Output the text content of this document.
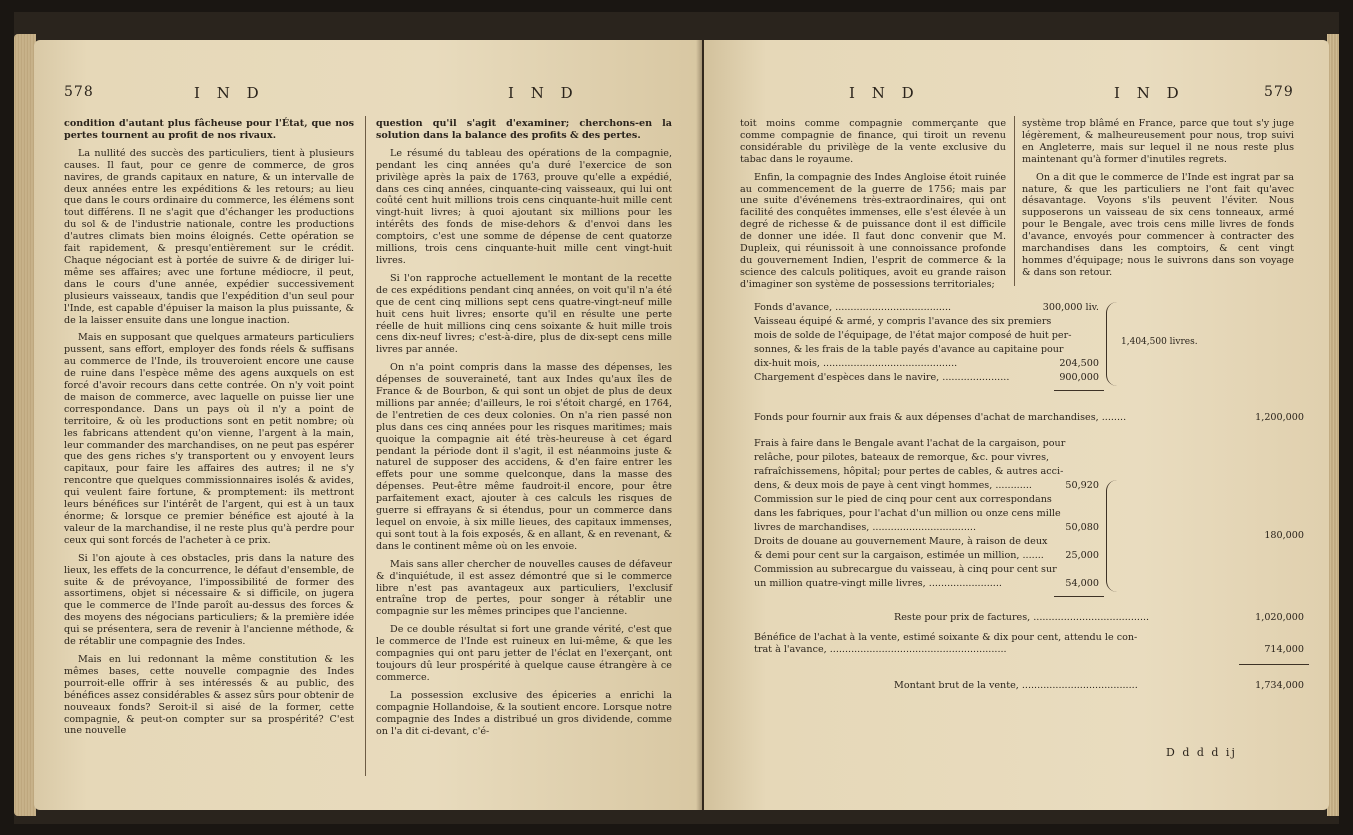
578	I N D	I N D

condition d'autant plus fâcheuse pour l'État, que nos pertes tournent au profit de nos rivaux.

La nullité des succès des particuliers, tient à plusieurs causes. Il faut, pour ce genre de commerce, de gros navires, de grands capitaux en nature, & un intervalle de deux années entre les expéditions & les retours; au lieu que dans le cours ordinaire du commerce, les élémens sont tout différens. Il ne s'agit que d'échanger les productions du sol & de l'industrie nationale, contre les productions d'autres climats bien moins éloignés. Cette opération se fait rapidement, & presqu'entièrement sur le crédit. Chaque négociant est à portée de suivre & de diriger lui-même ses affaires; avec une fortune médiocre, il peut, dans le cours d'une année, expédier successivement plusieurs vaisseaux, tandis que l'expédition d'un seul pour l'Inde, est capable d'épuiser la maison la plus puissante, & de la laisser ensuite dans une longue inaction.

Mais en supposant que quelques armateurs particuliers pussent, sans effort, employer des fonds réels & suffisans au commerce de l'Inde, ils trouveroient encore une cause de ruine dans l'espèce même des agens auxquels on est forcé d'avoir recours dans cette contrée. On n'y voit point de maison de commerce, avec laquelle on puisse lier une correspondance. Dans un pays où il n'y a point de territoire, & où les productions sont en petit nombre; où les fabricans attendent qu'on vienne, l'argent à la main, leur commander des marchandises, on ne peut pas espérer que des gens riches s'y transportent ou y envoyent leurs capitaux, pour faire les affaires des autres; il ne s'y rencontre que quelques commissionnaires isolés & avides, qui veulent faire fortune, & promptement: ils mettront leurs bénéfices sur l'intérêt de l'argent, qui est à un taux énorme; & lorsque ce premier bénéfice est ajouté à la valeur de la marchandise, il ne reste plus qu'à perdre pour ceux qui sont forcés de l'acheter à ce prix.

Si l'on ajoute à ces obstacles, pris dans la nature des lieux, les effets de la concurrence, le défaut d'ensemble, de suite & de prévoyance, l'impossibilité de former des assortimens, objet si nécessaire & si difficile, on jugera que le commerce de l'Inde paroît au-dessus des forces & des moyens des négocians particuliers; & la première idée qui se présentera, sera de revenir à l'ancienne méthode, & de rétablir une compagnie des Indes.

Mais en lui redonnant la même constitution & les mêmes bases, cette nouvelle compagnie des Indes pourroit-elle offrir à ses intéressés & au public, des bénéfices assez considérables & assez sûrs pour obtenir de nouveaux fonds? Seroit-il si aisé de la former, cette compagnie, & peut-on compter sur sa prospérité? C'est une nouvelle

question qu'il s'agit d'examiner; cherchons-en la solution dans la balance des profits & des pertes.

Le résumé du tableau des opérations de la compagnie, pendant les cinq années qu'a duré l'exercice de son privilège après la paix de 1763, prouve qu'elle a expédié, dans ces cinq années, cinquante-cinq vaisseaux, qui lui ont coûté cent huit millions trois cens cinquante-huit mille cent vingt-huit livres; à quoi ajoutant six millions pour les intérêts des fonds de mise-dehors & d'envoi dans les comptoirs, c'est une somme de dépense de cent quatorze millions, trois cens cinquante-huit mille cent vingt-huit livres.

Si l'on rapproche actuellement le montant de la recette de ces expéditions pendant cinq années, on voit qu'il n'a été que de cent cinq millions sept cens quatre-vingt-neuf mille huit cens huit livres; ensorte qu'il en résulte une perte réelle de huit millions cinq cens soixante & huit mille trois cens dix-neuf livres; c'est-à-dire, plus de dix-sept cens mille livres par année.

On n'a point compris dans la masse des dépenses, les dépenses de souveraineté, tant aux Indes qu'aux îles de France & de Bourbon, & qui sont un objet de plus de deux millions par année; d'ailleurs, le roi s'étoit chargé, en 1764, de l'entretien de ces deux colonies. On n'a rien passé non plus dans ces cinq années pour les risques maritimes; mais quoique la compagnie ait été très-heureuse à cet égard pendant la période dont il s'agit, il est néanmoins juste & naturel de supposer des accidens, & d'en faire entrer les effets pour une somme quelconque, dans la masse des dépenses. Peut-être même faudroit-il encore, pour être parfaitement exact, ajouter à ces calculs les risques de guerre si effrayans & si étendus, pour un commerce dans lequel on envoie, à six mille lieues, des capitaux immenses, qui sont tout à la fois exposés, & en allant, & en revenant, & dans le continent même où on les envoie.

Mais sans aller chercher de nouvelles causes de défaveur & d'inquiétude, il est assez démontré que si le commerce libre n'est pas avantageux aux particuliers, l'exclusif entraîne trop de pertes, pour songer à rétablir une compagnie sur les mêmes principes que l'ancienne.

De ce double résultat si fort une grande vérité, c'est que le commerce de l'Inde est ruineux en lui-même, & que les compagnies qui ont paru jetter de l'éclat en l'exerçant, ont toujours dû leur prospérité à quelque cause étrangère à ce commerce.

La possession exclusive des épiceries a enrichi la compagnie Hollandoise, & la soutient encore. Lorsque notre compagnie des Indes a distribué un gros dividende, comme on l'a dit ci-devant, c'é-

I N D	I N D	579

toit moins comme compagnie commerçante que comme compagnie de finance, qui tiroit un revenu considérable du privilège de la vente exclusive du tabac dans le royaume.

Enfin, la compagnie des Indes Angloise étoit ruinée au commencement de la guerre de 1756; mais par une suite d'événemens très-extraordinaires, qui ont facilité des conquêtes immenses, elle s'est élevée à un degré de richesse & de puissance dont il est difficile de donner une idée. Il faut donc convenir que M. Dupleix, qui réunissoit à une connoissance profonde du gouvernement Indien, l'esprit de commerce & la science des calculs politiques, avoit eu grande raison d'imaginer son système de possessions territoriales;

système trop blâmé en France, parce que tout s'y juge légèrement, & malheureusement pour nous, trop suivi en Angleterre, mais sur lequel il ne nous reste plus maintenant qu'à former d'inutiles regrets.

On a dit que le commerce de l'Inde est ingrat par sa nature, & que les particuliers ne l'ont fait qu'avec désavantage. Voyons s'ils peuvent l'éviter. Nous supposerons un vaisseau de six cens tonneaux, armé pour le Bengale, avec trois cens mille livres de fonds d'avance, envoyés pour commencer à contracter des marchandises dans les comptoirs, & cent vingt hommes d'équipage; nous le suivrons dans son voyage & dans son retour.

Fonds d'avance, ......................................	300,000 liv.
Vaisseau équipé & armé, y compris l'avance des six premiers
mois de solde de l'équipage, de l'état major composé de huit per-
sonnes, & les frais de la table payés d'avance au capitaine pour
dix-huit mois, ............................................	204,500
Chargement d'espèces dans le navire, ......................	900,000
1,404,500 livres.
Fonds pour fournir aux frais & aux dépenses d'achat de marchandises, ........	1,200,000
Frais à faire dans le Bengale avant l'achat de la cargaison, pour
relâche, pour pilotes, bateaux de remorque, &c. pour vivres,
rafraîchissemens, hôpital; pour pertes de cables, & autres acci-
dens, & deux mois de paye à cent vingt hommes, ............	50,920
Commission sur le pied de cinq pour cent aux correspondans
dans les fabriques, pour l'achat d'un million ou onze cens mille
livres de marchandises, ..................................	50,080
Droits de douane au gouvernement Maure, à raison de deux
& demi pour cent sur la cargaison, estimée un million, .......	25,000
Commission au subrecargue du vaisseau, à cinq pour cent sur
un million quatre-vingt mille livres, ........................	54,000
180,000
Reste pour prix de factures, ......................................	1,020,000
Bénéfice de l'achat à la vente, estimé soixante & dix pour cent, attendu le con-
trat à l'avance, ..........................................................	714,000
Montant brut de la vente, ......................................	1,734,000
D d d d ij
